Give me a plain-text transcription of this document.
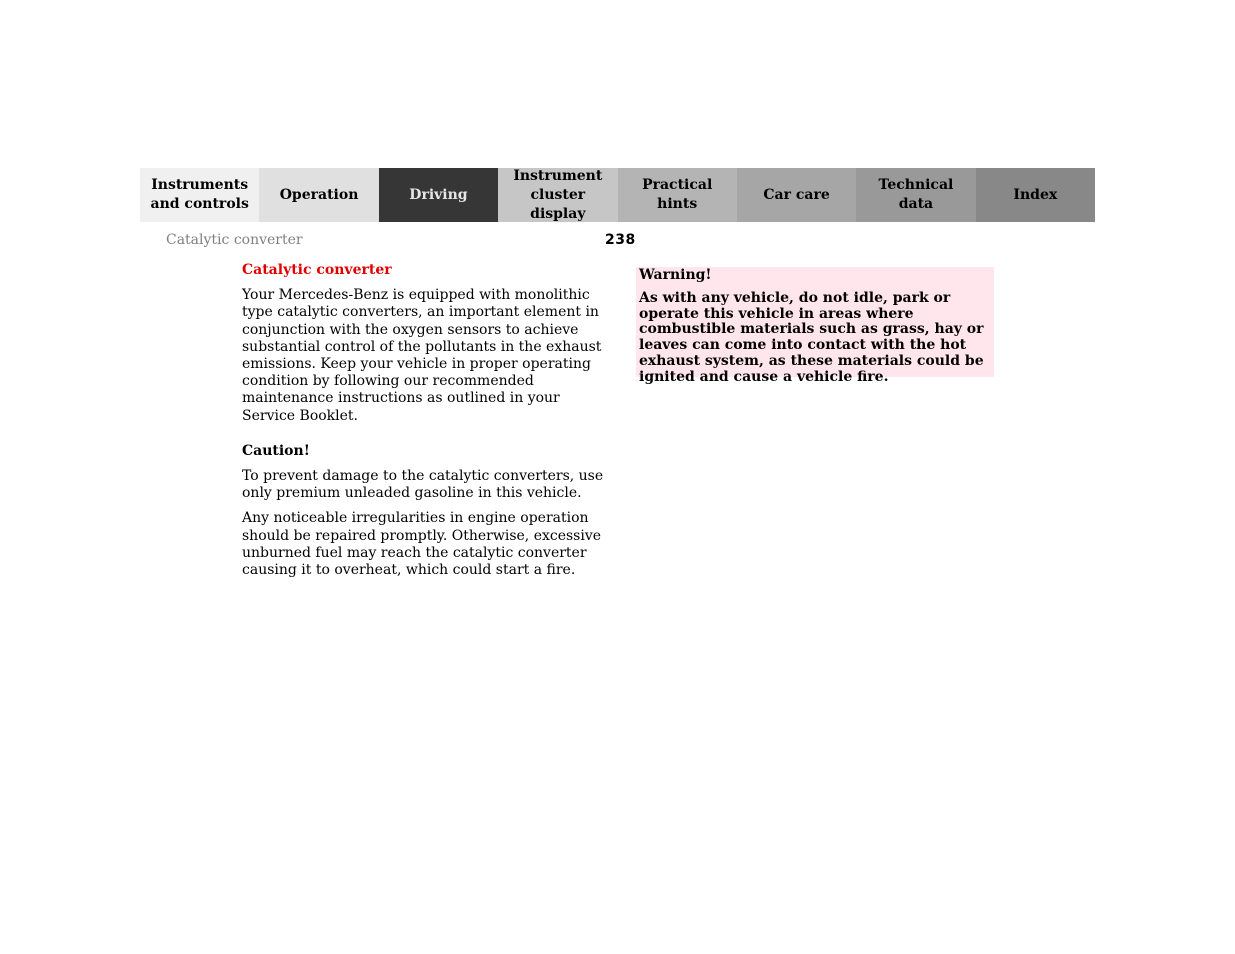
Instruments
and controls
Operation	Driving
Instrument
cluster display
Practical hints
Car care
Technical
data
Index
Catalytic converter	238
Catalytic converter

Your Mercedes-Benz is equipped with monolithic type catalytic converters, an important element in conjunction with the oxygen sensors to achieve substantial control of the pollutants in the exhaust emissions. Keep your vehicle in proper operating condition by following our recommended maintenance instructions as outlined in your Service Booklet.

Caution!

To prevent damage to the catalytic converters, use only premium unleaded gasoline in this vehicle.

Any noticeable irregularities in engine operation should be repaired promptly. Otherwise, excessive unburned fuel may reach the catalytic converter causing it to overheat, which could start a fire.

Warning!

As with any vehicle, do not idle, park or operate this vehicle in areas where combustible materials such as grass, hay or leaves can come into contact with the hot exhaust system, as these materials could be ignited and cause a vehicle fire.
